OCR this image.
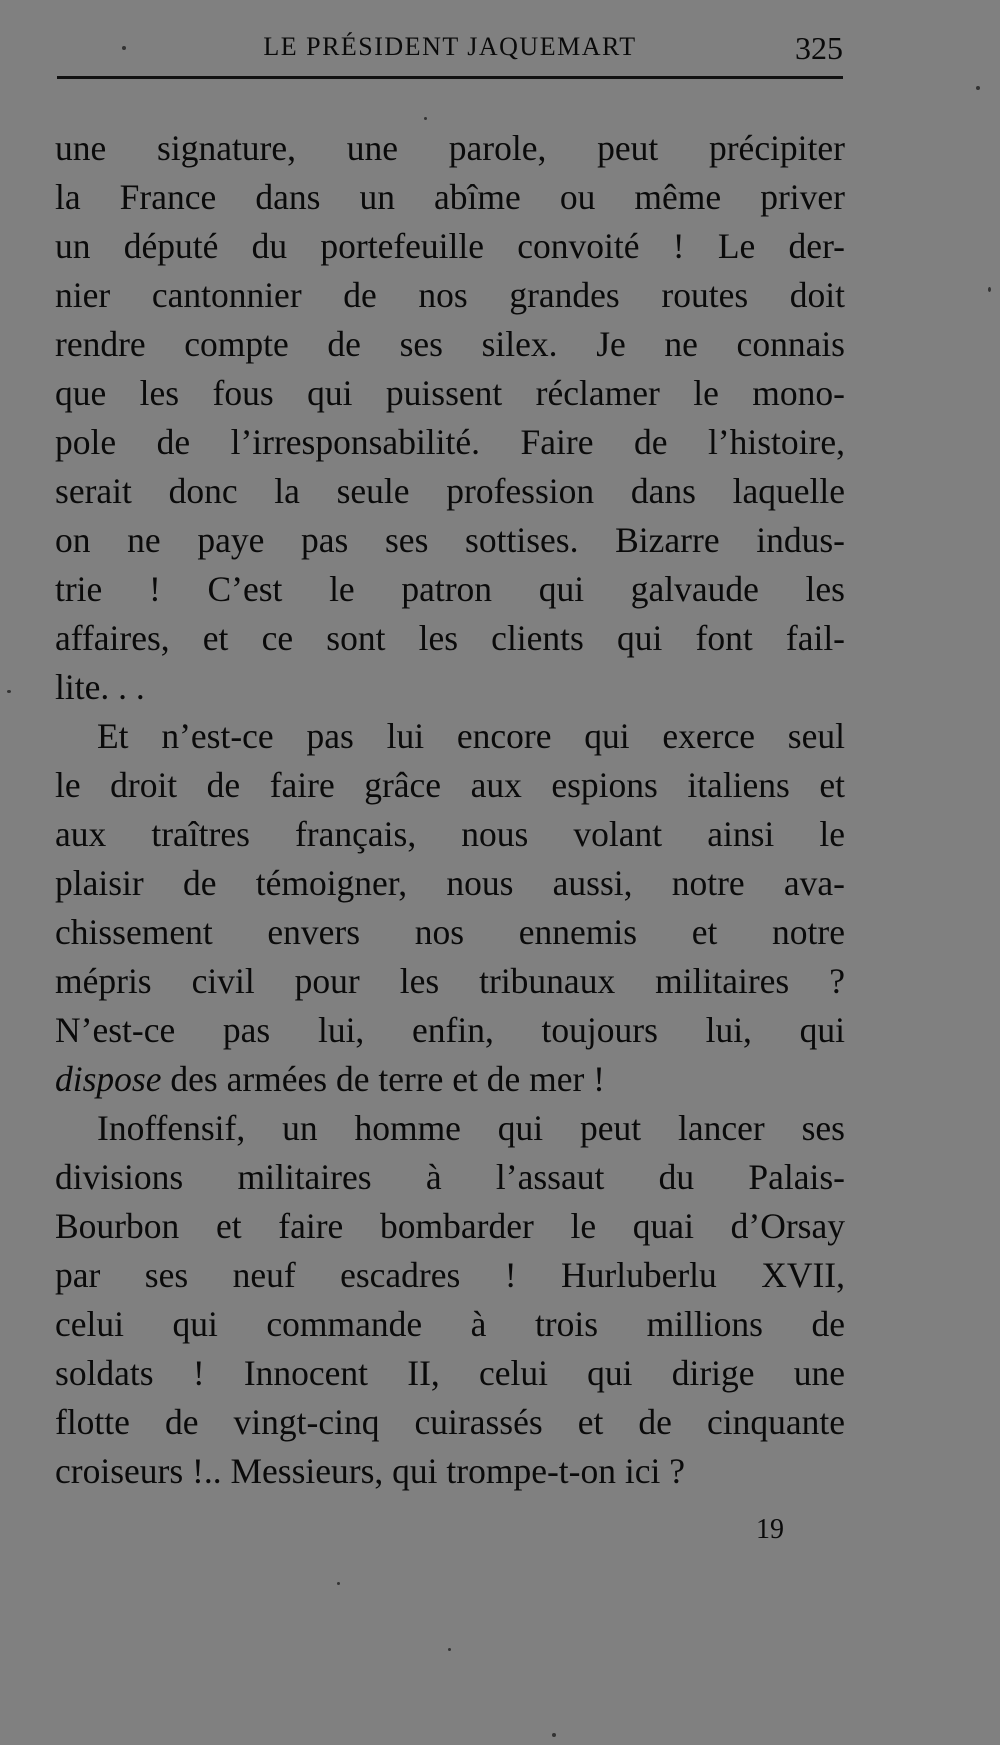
LE PRÉSIDENT JAQUEMART	325
une signature, une parole, peut précipiter
la France dans un abîme ou même priver
un député du portefeuille convoité ! Le der-
nier cantonnier de nos grandes routes doit
rendre compte de ses silex. Je ne connais
que les fous qui puissent réclamer le mono-
pole de l’irresponsabilité. Faire de l’histoire,
serait donc la seule profession dans laquelle
on ne paye pas ses sottises. Bizarre indus-
trie ! C’est le patron qui galvaude les
affaires, et ce sont les clients qui font fail-
lite. . .
Et n’est-ce pas lui encore qui exerce seul
le droit de faire grâce aux espions italiens et
aux traîtres français, nous volant ainsi le
plaisir de témoigner, nous aussi, notre ava-
chissement envers nos ennemis et notre
mépris civil pour les tribunaux militaires ?
N’est-ce pas lui, enfin, toujours lui, qui
dispose des armées de terre et de mer !
Inoffensif, un homme qui peut lancer ses
divisions militaires à l’assaut du Palais-
Bourbon et faire bombarder le quai d’Orsay
par ses neuf escadres ! Hurluberlu XVII,
celui qui commande à trois millions de
soldats ! Innocent II, celui qui dirige une
flotte de vingt-cinq cuirassés et de cinquante
croiseurs !.. Messieurs, qui trompe-t-on ici ?
19
